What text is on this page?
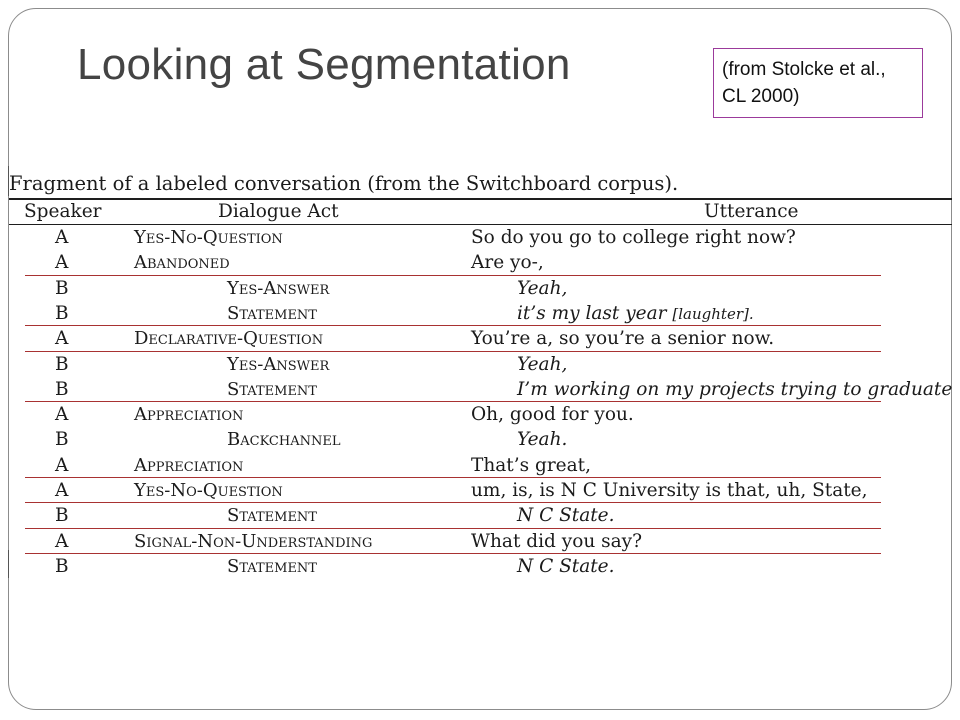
Looking at Segmentation	(from Stolcke et al., CL 2000)
Fragment of a labeled conversation (from the Switchboard corpus).
Speaker	Dialogue Act	Utterance
A	Yes-No-Question	So do you go to college right now?
A	Abandoned	Are yo-,
B	Yes-Answer	Yeah,
B	Statement	it’s my last year [laughter].
A	Declarative-Question	You’re a, so you’re a senior now.
B	Yes-Answer	Yeah,
B	Statement	I’m working on my projects trying to graduate
A	Appreciation	Oh, good for you.
B	Backchannel	Yeah.
A	Appreciation	That’s great,
A	Yes-No-Question	um, is, is N C University is that, uh, State,
B	Statement	N C State.
A	Signal-Non-Understanding	What did you say?
B	Statement	N C State.
